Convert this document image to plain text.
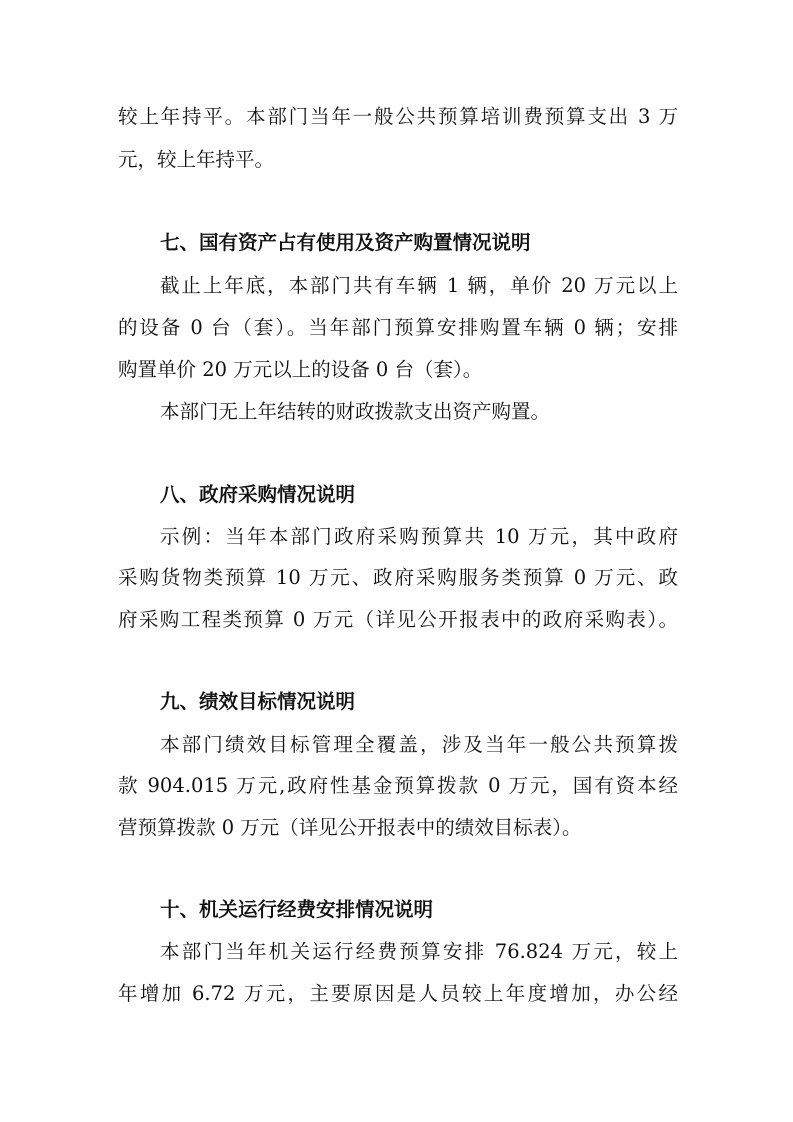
较上年持平。本部门当年一般公共预算培训费预算支出 3 万
元，较上年持平。
七、国有资产占有使用及资产购置情况说明
截止上年底，本部门共有车辆 1 辆，单价 20 万元以上
的设备 0 台（套）。当年部门预算安排购置车辆 0 辆；安排
购置单价 20 万元以上的设备 0 台（套）。
本部门无上年结转的财政拨款支出资产购置。
八、政府采购情况说明
示例：当年本部门政府采购预算共 10 万元，其中政府
采购货物类预算 10 万元、政府采购服务类预算 0 万元、政
府采购工程类预算 0 万元（详见公开报表中的政府采购表）。
九、绩效目标情况说明
本部门绩效目标管理全覆盖，涉及当年一般公共预算拨
款 904.015 万元,政府性基金预算拨款 0 万元，国有资本经
营预算拨款 0 万元（详见公开报表中的绩效目标表）。
十、机关运行经费安排情况说明
本部门当年机关运行经费预算安排 76.824 万元，较上
年增加 6.72 万元，主要原因是人员较上年度增加，办公经
